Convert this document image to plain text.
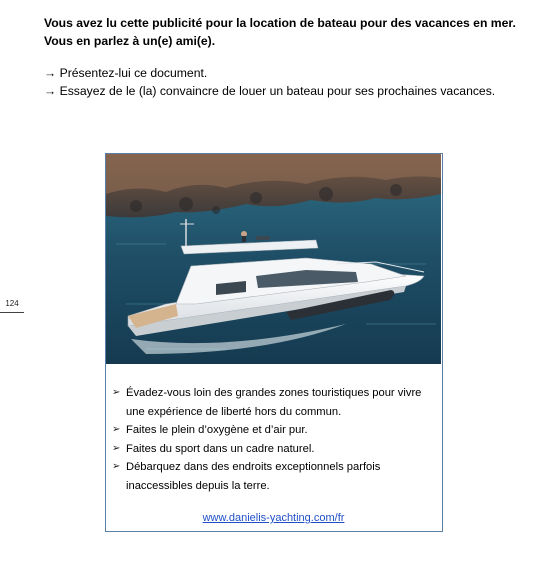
Vous avez lu cette publicité pour la location de bateau pour des vacances en mer.
Vous en parlez à un(e) ami(e).
→ Présentez-lui ce document.
→ Essayez de le (la) convaincre de louer un bateau pour ses prochaines vacances.
124
➢ Évadez-vous loin des grandes zones touristiques pour vivre
une expérience de liberté hors du commun.
➢ Faites le plein d’oxygène et d’air pur.
➢ Faites du sport dans un cadre naturel.
➢ Débarquez dans des endroits exceptionnels parfois
inaccessibles depuis la terre.
www.danielis-yachting.com/fr
